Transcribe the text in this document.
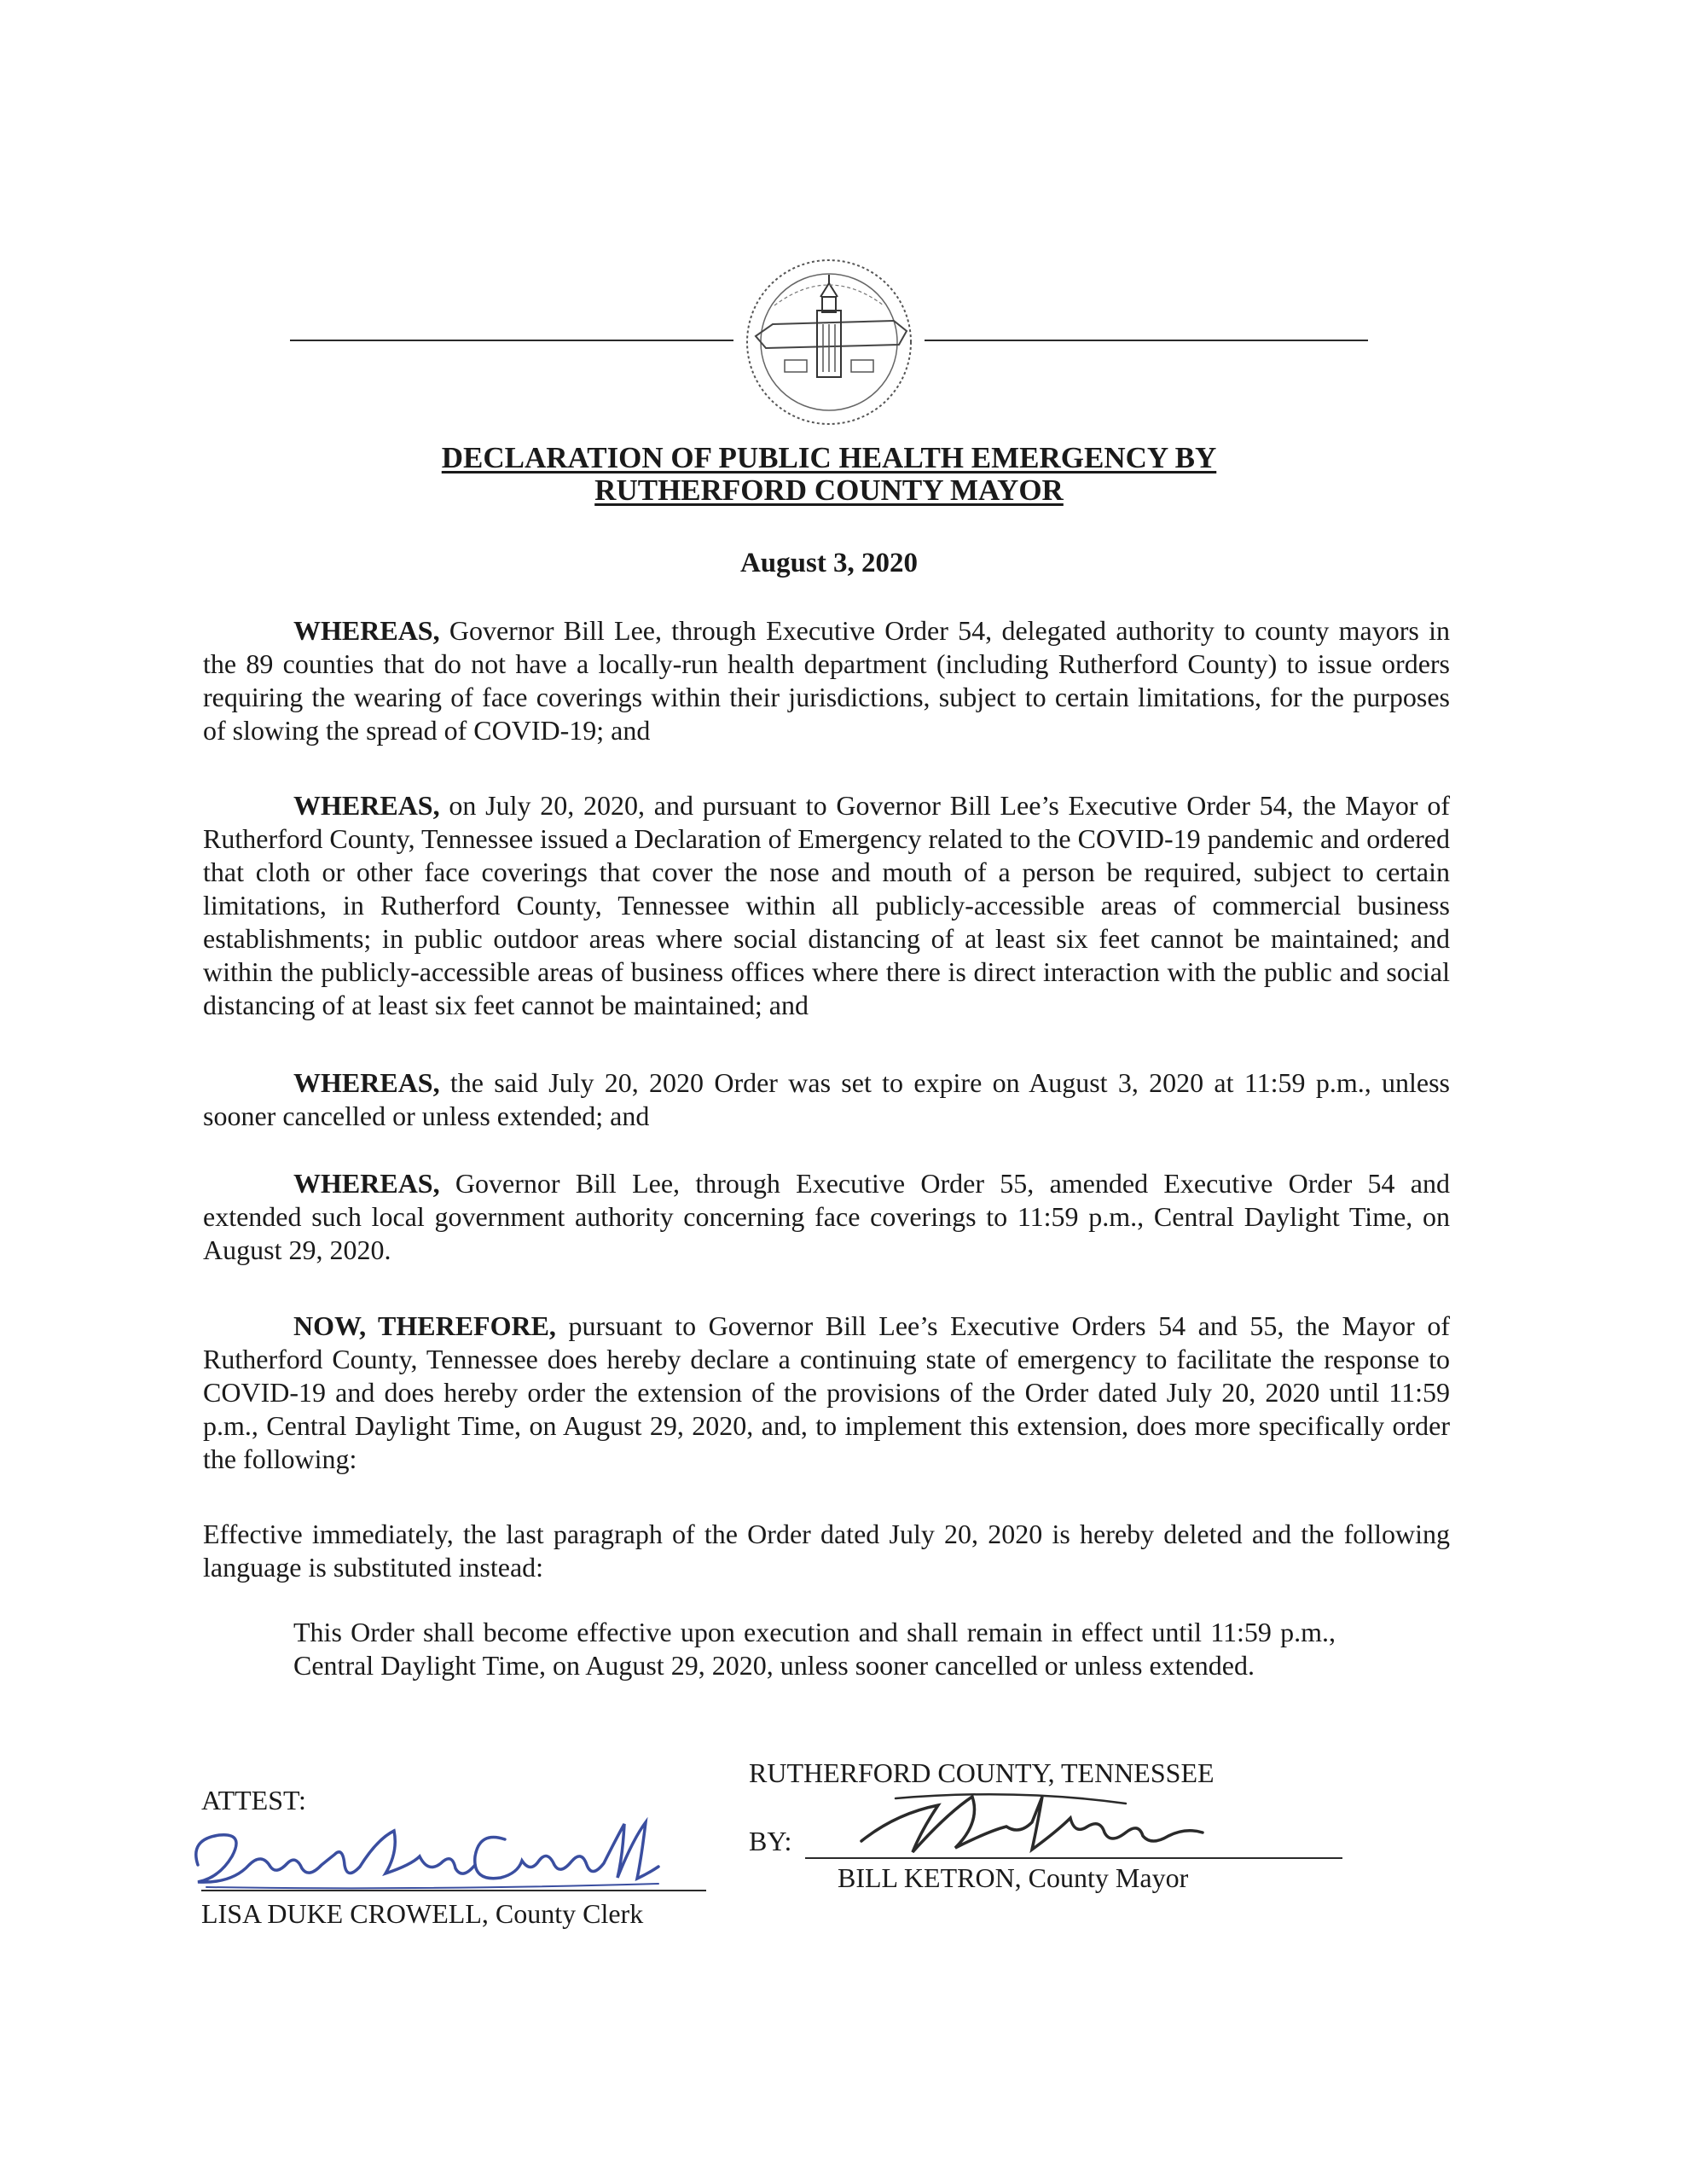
DECLARATION OF PUBLIC HEALTH EMERGENCY BY
RUTHERFORD COUNTY MAYOR
August 3, 2020

WHEREAS, Governor Bill Lee, through Executive Order 54, delegated authority to county mayors in the 89 counties that do not have a locally-run health department (including Rutherford County) to issue orders requiring the wearing of face coverings within their jurisdictions, subject to certain limitations, for the purposes of slowing the spread of COVID-19; and

WHEREAS, on July 20, 2020, and pursuant to Governor Bill Lee’s Executive Order 54, the Mayor of Rutherford County, Tennessee issued a Declaration of Emergency related to the COVID-19 pandemic and ordered that cloth or other face coverings that cover the nose and mouth of a person be required, subject to certain limitations, in Rutherford County, Tennessee within all publicly-accessible areas of commercial business establishments; in public outdoor areas where social distancing of at least six feet cannot be maintained; and within the publicly-accessible areas of business offices where there is direct interaction with the public and social distancing of at least six feet cannot be maintained; and

WHEREAS, the said July 20, 2020 Order was set to expire on August 3, 2020 at 11:59 p.m., unless sooner cancelled or unless extended; and

WHEREAS, Governor Bill Lee, through Executive Order 55, amended Executive Order 54 and extended such local government authority concerning face coverings to 11:59 p.m., Central Daylight Time, on August 29, 2020.

NOW, THEREFORE, pursuant to Governor Bill Lee’s Executive Orders 54 and 55, the Mayor of Rutherford County, Tennessee does hereby declare a continuing state of emergency to facilitate the response to COVID-19 and does hereby order the extension of the provisions of the Order dated July 20, 2020 until 11:59 p.m., Central Daylight Time, on August 29, 2020, and, to implement this extension, does more specifically order the following:

Effective immediately, the last paragraph of the Order dated July 20, 2020 is hereby deleted and the following language is substituted instead:

This Order shall become effective upon execution and shall remain in effect until 11:59 p.m., Central Daylight Time, on August 29, 2020, unless sooner cancelled or unless extended.

RUTHERFORD COUNTY, TENNESSEE
ATTEST:
BY:
LISA DUKE CROWELL, County Clerk
BILL KETRON, County Mayor
